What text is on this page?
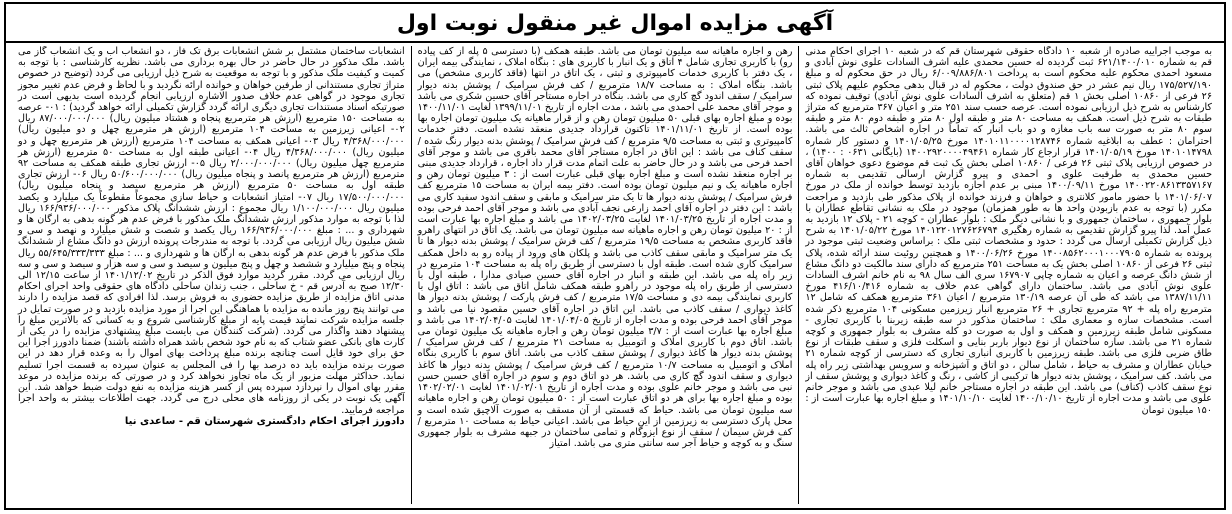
آگهی مزایده اموال غیر منقول نوبت اول

به موجب اجراییه صادره از شعبه ۱۰ دادگاه حقوقی شهرستان قم که در شعبه ۱۰ اجرای احکام مدنی قم به شماره ۶۲۱/۱۴۰۰/۰۱۰ ثبت گردیده له حسین محمدی علیه اشرف السادات علوی نوش آبادی و مسعود احمدی محکوم علیه محکوم است به پرداخت ۶/۰۰۹/۸۸۶/۸۰۱ ریال در حق محکوم له و مبلغ ۱۷۵/۵۲۷/۱۹۰ ریال نیم عشر در حق صندوق دولت ، محکوم له در قبال بدهی محکوم علیهم پلاک ثبتی ۲۶ فرعی از ۱۰۸۶۰ اصلی بخش ۱ قم (متعلق به اشرف السادات علوی نوش آبادی) توقیف نموده که کارشناس به شرح ذیل ارزیابی نموده است. عرصه حسب سند ۲۵۱ متر و اعیان ۳۶۷ مترمربع که متراژ طبقات به شرح ذیل است. همکف به مساحت ۸۰ متر و طبقه اول ۸۰ متر و طبقه دوم ۸۰ متر و طبقه سوم ۸۰ متر به صورت سه باب مغازه و دو باب انبار که تماماً در اجاره اشخاص ثالث می باشد. احترامان : عطف به ابلاغیه شماره ۱۴۰۱۰۱۱۰۰۰۰۱۲۸۷۴۶ مورخ ۱۴۰۱/۰۵/۲۵ و دستور کار شماره ۱۴۰۱۰۱۴۷۹۸ مورخ ۱۴۰۱/۰۵/۱۹ قرار ارجاع کار شماره ۱۴۰۰۲۹۲۰۰۰۰۴۹۴۶۱ (بایگانی ۰۶۳۱ : ۱۴۰۰) ، در خصوص ارزیابی پلاک ثبتی ۲۶ فرعی / ۱۰۸۶۰ اصلی بخش یک ثبت قم موضوع دعوی خواهان آقای حسین محمدی به طرفیت علوی و احمدی و پیرو گزارش ارسالی تقدیمی به شماره ۱۴۰۰۲۲۰۸۶۱۳۳۵۷۱۶۷ مورخ ۱۴۰۰/۰۹/۱۱ مبنی بر عدم اجازه بازدید توسط خوانده از ملک در مورخ ۱۴۰۱/۰۶/۰۷ با حضور مامور کلانتری و خواهان و فرزند خوانده از پلاک مذکور طی بازدید و مراجعت مکرر (با توجه به عدم بازبودن واحد ها به طور همزمان) موجود در ملک به نشانی تقاطع عطاران با بلوار جمهوری ، ساختمان جمهوری و با نشانی دیگر ملک : بلوار عطاران - کوچه ۲۱ - پلاک ۱۲ بازدید به عمل آمد. لذا پیرو گزارش تقدیمی به شماره رهگیری ۱۴۰۱۲۲۰۱۲۷۶۲۶۷۹۴ مورخ ۱۴۰۱/۰۵/۲۲ به شرح ذیل گزارش تکمیلی ارسال می گردد : حدود و مشخصات ثبتی ملک : براساس وضعیت ثبتی موجود در پرونده به شماره ۱۴۰۰۸۵۶۲۰۰۰۱۰۰۰۷۹۰۵ مورخ ۱۴۰۰/۰۶/۲۶ و همچنین روئیت سند ارائه شده، پلاک ثبتی ۲۶ فرعی از ۱۰۸۶۰ اصلی بخش یک به مساحت ۲۵۱ مترمربع که دارای سند مالکیت دو دانگ مشاع از شش دانگ عرصه و اعیان به شماره چاپی ۱۶۷۹۰۷ سری الف سال ۹۸ به نام خانم اشرف السادات علوی نوش آبادی می باشد. ساختمان دارای گواهی عدم خلاف به شماره ۴۱۶/۱۰/۴۱۶ مورخ ۱۳۸۷/۱۱/۱۱ می باشد که طی آن عرصه ۱۳۰/۱۹ مترمربع / اعیان ۳۶۱ مترمربع همکف که شامل ۱۲ مترمربع راه پله + ۹۲ مترمربع تجاری + ۲۶ مترمربع انبار زیرزمین مسکونی ۱۰۴ مترمربع ذکر شده است. مشخصات سازه و معماری ملک : ساختمان مذکور در سه طبقه زیربنا با کاربری تجاری - مسکونی شامل طبقه زیرزمین و همکف و اول به صورت دو کله مشرف به بلوار جمهوری و کوچه شماره ۲۱ می باشد. سازه ساختمان از نوع دیوار باربر بنایی و اسکلت فلزی و سقف طبقات از نوع طاق ضربی فلزی می باشد. طبقه زیرزمین با کاربری انباری تجاری که دسترسی از کوچه شماره ۲۱ خیابان عطاران و مشرف به حیاط ، شامل سالن ، دو اتاق و آشپزخانه و سرویس بهداشتی زیر راه پله می باشد. کف سرامیک ، پوشش بدنه دیوار ها ترکیبی از کاشی ، رنگ و کاغذ دیواری و پوشش سقف از نوع سقف کاذب (کناف) می باشد. این طبقه در اجاره مستاجر خانم لیلا عبدی می باشد و موجر خانم علوی می باشد و مدت اجاره از تاریخ ۱۴۰۰/۱۰/۱۰ لغایت ۱۴۰۱/۱۰/۱۰ و مبلغ اجاره بها عبارت است از : ۱۵۰ میلیون تومان

رهن و اجاره ماهیانه سه میلیون تومان می باشد. طبقه همکف (با دسترسی ۵ پله از کف پیاده رو) با کاربری تجاری شامل ۴ اتاق و یک انبار با کاربری های : بنگاه املاک ، نمایندگی بیمه ایران ، یک دفتر با کاربری خدمات کامپیوتری و ثبتی ، یک اتاق در انتها (فاقد کاربری مشخص) می باشد. بنگاه املاک : به مساحت ۱۸/۷ مترمربع / کف فرش سرامیک / پوشش بدنه دیوار سرامیک / سقف اندود گچ کاری می باشد. بنگاه در اجاره مستاجر آقای حسین شکری می باشد و موجر آقای محمد علی احمدی می باشد ، مدت اجاره از تاریخ ۱۳۹۹/۱۱/۰۱ لغایت ۱۴۰۰/۱۱/۰۱ بوده و مبلغ اجاره بهای قبلی ۵۰ میلیون تومان رهن و از قرار ماهیانه یک میلیون تومان اجاره بها بوده است. از تاریخ ۱۴۰۱/۱۱/۰۱ تاکنون قرارداد جدیدی منعقد نشده است. دفتر خدمات کامپیوتری و ثبتی به مساحت ۹/۵ مترمربع / کف فرش سرامیک / پوشش بدنه دیوار رنگ شده / سقف کناف می باشد : این اتاق در اجاره مستاجر آقای محمد باقری می باشد و موجر آقای احمد فرحی می باشد و در حال حاضر به علت اتمام مدت قرار داد اجاره ، قرارداد جدیدی مبنی بر اجاره منعقد نشده است و مبلغ اجاره بهای قبلی عبارت است از : ۳ میلیون تومان رهن و اجاره ماهیانه یک و نیم میلیون تومان بوده است. دفتر بیمه ایران به مساحت ۱۵ مترمربع کف فرش سرامیک / پوشش بدنه دیوار ها تا یک متر سرامیک و مابقی و سقف اندود سفید کاری می باشد : این دفتر در اجاره آقای احمد زارعی نجف آبادی می باشد و موجر آقای احمد فرحی بوده و مدت اجاره از تاریخ ۱۴۰۱/۰۳/۲۵ لغایت ۱۴۰۲/۰۳/۲۵ می باشد و مبلغ اجاره بها عبارت است از : ۲۰ میلیون تومان رهن و اجاره ماهیانه سه میلیون تومان می باشد. یک اتاق در انتهای راهرو فاقد کاربری مشخص به مساحت ۱۹/۵ مترمربع / کف فرش سرامیک / پوشش بدنه دیوار ها تا یک متر سرامیک و مابقی سقف کاذب می باشد و پلکان های ورود از پیاده رو به داخل همکف سرامیک کاری شده است. طبقه اول با دسترسی از طریق راه پله به مساحت ۱۰۴ مترمربع در زیر راه پله می باشد. این طبقه و انبار در اجاره آقای حسین صیادی مدارا ، طبقه اول با دسترسی از طریق راه پله موجود در راهرو طبقه همکف شامل اتاق می باشد : اتاق اول با کاربری نمایندگی بیمه دی و مساحت ۱۷/۵ مترمربع / کف فرش پارکت / پوشش بدنه دیوار ها کاغذ دیواری / سقف کاذب می باشد. این اتاق در اجاره آقای حسین مقصود نیا می باشد و موجر آقای احمد فرحی بوده و مدت اجاره از تاریخ ۱۴۰۱/۰۴/۰۵ لغایت ۱۴۰۲/۰۴/۰۵ می باشد و مبلغ اجاره بها عبارت است از : ۳/۷ میلیون تومان رهن و اجاره ماهیانه یک میلیون تومان می باشد. اتاق دوم با کاربری املاک و اتومبیل به مساحت ۲۱ مترمربع / کف فرش سرامیک / پوشش بدنه دیوار ها کاغذ دیواری / پوشش سقف کاذب می باشد. اتاق سوم با کاربری بنگاه املاک و اتومبیل به مساحت ۱۰/۷ مترمربع / کف فرش سرامیک / پوشش بدنه دیوار ها کاغذ دیواری و سقف اندود گچ کاری می باشد. هر دو اتاق دوم و سوم در اجاره آقای حسین حسن نبی می باشد و موجر خانم علوی بوده و مدت اجاره از تاریخ ۱۴۰۱/۰۲/۰۱ لغایت ۱۴۰۲/۰۲/۰۱ بوده و مبلغ اجاره بها برای هر دو اتاق عبارت است از : ۵۰ میلیون تومان رهن و اجاره ماهیانه سه میلیون تومان می باشد. حیاط که قسمتی از آن مسقف به صورت آلاچیق شده است و محل پارک دسترسی به زیرزمین از این حیاط می باشد. اعیانی حیاط به مساحت ۱۰ مترمربع / کف فرش سیمان / سقف از نوع ایزوگام و تمامی ساختمان در جبهه مشرف به بلوار جمهوری سنگ و به کوچه و حیاط آجر سه سانتی متری می باشد. امتیاز

انشعابات ساختمان مشتمل بر شش انشعابات برق تک فاز ، دو انشعاب آب و یک انشعاب گاز می باشد. ملک مذکور در حال حاضر در حال بهره برداری می باشد. نظریه کارشناسی : با توجه به کمیت و کیفیت ملک مذکور و با توجه به موقعیت به شرح ذیل ارزیابی می گردد (توضیح در خصوص متراژ تجاری مستندانی از طرفین خواهان و خوانده ارائه نگردید و با لحاظ و فرض عدم تغییر مجوز تجاری موجود در گواهی عدم خلاف صدور الاشاره ارزیابی انجام گردیده است بدیهی است در صورتیکه اسناد مستندات تجاری دیگری ارائه گردد گزارش تکمیلی ارائه خواهد گردید) : ۰۱- عرصه به مساحت ۱۵۰ مترمربع (ارزش هر مترمربع پنجاه و هشتاد میلیون ریال) ۸۷/۰۰۰/۰۰۰/۰۰۰ ریال ۰۲- اعیانی زیرزمین به مساحت ۱۰۴ مترمربع (ارزش هر مترمربع چهل و دو میلیون ریال) ۴/۳۶۸/۰۰۰/۰۰۰ ریال ۰۳- اعیانی همکف به مساحت ۱۰۴ مترمربع (ارزش هر مترمربع چهل و دو میلیون ریال) ۴/۳۶۸/۰۰۰/۰۰۰ ریال ۰۴- اعیانی طبقه اول به مساحت ۵۰ مترمربع (ارزش هر مترمربع چهل میلیون ریال) ۲/۰۰۰/۰۰۰/۰۰۰ ریال ۰۵- ارزش تجاری طبقه همکف به مساحت ۹۲ مترمربع (ارزش هر مترمربع پانصد و پنجاه میلیون ریال) ۵۰/۶۰۰/۰۰۰/۰۰۰ ریال ۰۶- ارزش تجاری طبقه اول به مساحت ۵۰ مترمربع (ارزش هر مترمربع سیصد و پنجاه میلیون ریال) ۱۷/۵۰۰/۰۰۰/۰۰۰ ریال ۰۷- امتیاز انشعابات و حیاط سازی مجموعاً مقطوعاً یک میلیارد و یکصد میلیون ریال ۱/۱۰۰/۰۰۰/۰۰۰ ریال مجموع : ارزش ششدانگ پلاک مذکور ۱۶۶/۹۳۶/۰۰۰/۰۰۰ ریال لذا با توجه به موارد مذکور ارزش ششدانگ ملک مذکور با فرض عدم هر گونه بدهی به ارگان ها و شهرداری و ... : مبلغ ۱۶۶/۹۳۶/۰۰۰/۰۰۰ ریال یکصد و شصت و شش میلیارد و نهصد و سی و شش میلیون ریال ارزیابی می گردد. با توجه به مندرجات پرونده ارزش دو دانگ مشاع از ششدانگ ملک مذکور با فرض عدم هر گونه بدهی به ارگان ها و شهرداری و ... : مبلغ ۵۵/۶۴۵/۳۳۳/۳۳۳ ریال پنجاه و پنج میلیارد و ششصد و چهل و پنج میلیون و سیصد و سی و سه هزار و سیصد و سی و سه ریال ارزیابی می گردد. مقرر گردید موارد فوق الذکر در تاریخ ۱۴۰۱/۱۲/۰۲ از ساعت ۱۲/۱۵ الی ۱۲/۳۰ صبح به آدرس قم - خ ساحلی ، جنب زندان ساحلی دادگاه های حقوقی واحد اجرای احکام مدنی اتاق مزایده از طریق مزایده حضوری به فروش برسد. لذا افرادی که قصد مزایده را دارند می توانند پنج روز مانده به مزایده با هماهنگی این اجرا از مورد مزایده بازدید و در صورت تمایل در جلسه مزایده شرکت نمایند قیمت پایه از مبلغ کارشناسی شروع و به کسانی که بالاترین مبلغ را پیشنهاد دهند واگذار می گردد. (شرکت کنندگان می بایست مبلغ پیشنهادی مزایده را در یکی از کارت های بانکی عضو شتاب که به نام خود شخص باشد همراه داشته باشند) ضمنا دادورز اجرا این حق برای خود قایل است چنانچه برنده مبلغ پرداخت بهای اموال را به وعده قرار دهد در این صورت برنده مزایده باید ده درصد بها را فی المجلس به عنوان سپرده به قسمت اجرا تسلیم نماید. حداکثر مهلت مزبور از یک ماه تجاوز نخواهد کرد و در صورتی که برنده مزایده در موعد مقرر بهای اموال را نپردازد سپرده پس از کسر هزینه مزایده به نفع دولت ضبط خواهد شد. این آگهی یک نوبت در یکی از روزنامه های محلی درج می گردد. جهت اطلاعات بیشتر به واحد اجرا مراجعه فرمایید.

دادورز اجرای احکام دادگستری شهرستان قم - ساعدی نیا
